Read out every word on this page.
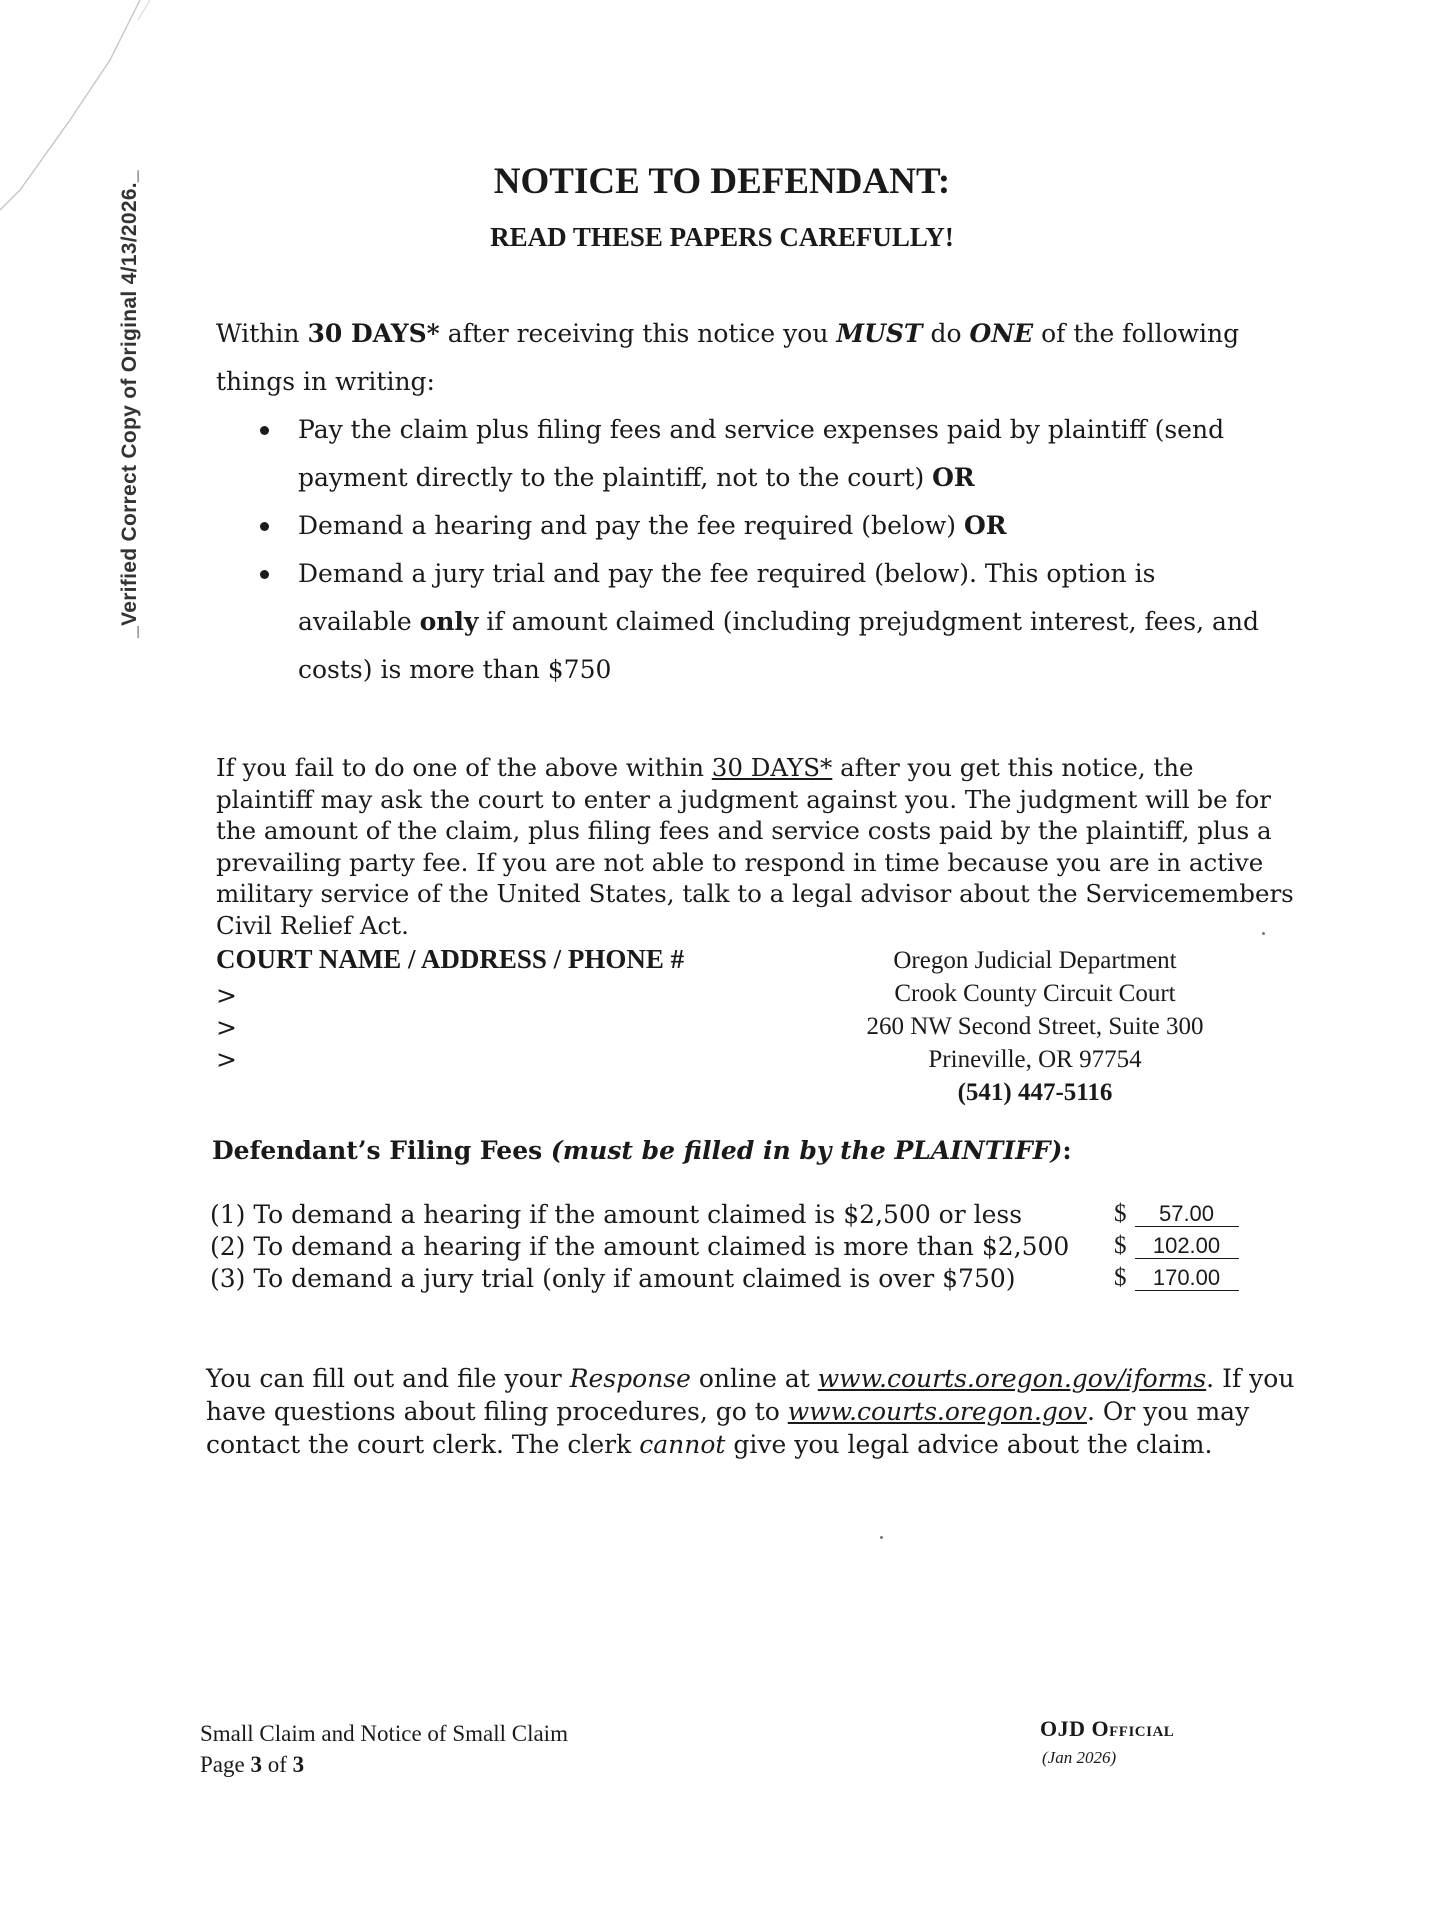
_Verified Correct Copy of Original 4/13/2026._	NOTICE TO DEFENDANT:
READ THESE PAPERS CAREFULLY!
Within 30 DAYS* after receiving this notice you MUST do ONE of the following things in writing:
Pay the claim plus filing fees and service expenses paid by plaintiff (send payment directly to the plaintiff, not to the court) OR
Demand a hearing and pay the fee required (below) OR
Demand a jury trial and pay the fee required (below). This option is available only if amount claimed (including prejudgment interest, fees, and costs) is more than $750
If you fail to do one of the above within 30 DAYS* after you get this notice, the plaintiff may ask the court to enter a judgment against you. The judgment will be for the amount of the claim, plus filing fees and service costs paid by the plaintiff, plus a prevailing party fee. If you are not able to respond in time because you are in active military service of the United States, talk to a legal advisor about the Servicemembers Civil Relief Act.
COURT NAME / ADDRESS / PHONE #
>
>
>
Oregon Judicial Department
Crook County Circuit Court
260 NW Second Street, Suite 300
Prineville, OR 97754
(541) 447-5116
Defendant’s Filing Fees (must be filled in by the PLAINTIFF):
(1) To demand a hearing if the amount claimed is $2,500 or less	$ 57.00
(2) To demand a hearing if the amount claimed is more than $2,500 $ 102.00
(3) To demand a jury trial (only if amount claimed is over $750)	$ 170.00
You can fill out and file your Response online at www.courts.oregon.gov/iforms. If you have questions about filing procedures, go to www.courts.oregon.gov. Or you may contact the court clerk. The clerk cannot give you legal advice about the claim.
Small Claim and Notice of Small Claim
Page 3 of 3
OJD Official
(Jan 2026)
